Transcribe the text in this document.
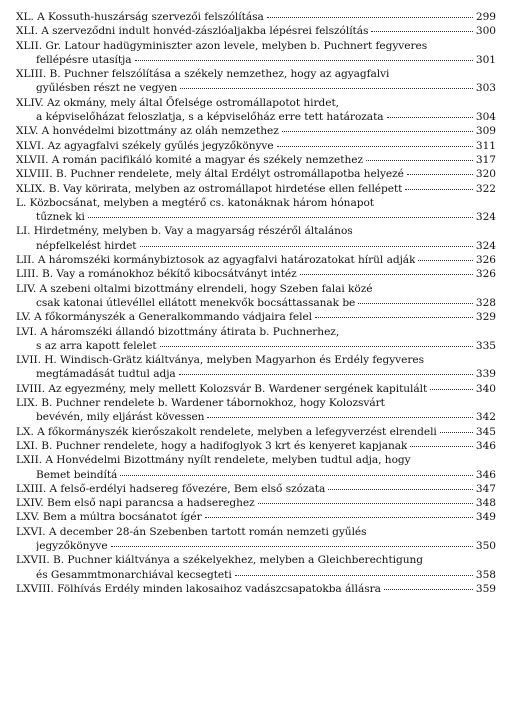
XL. A Kossuth-huszárság szervezői felszólítása	299
XLI. A szerveződni indult honvéd-zászlóaljakba lépésrei felszólítás	300
XLII. Gr. Latour hadügyminiszter azon levele, melyben b. Puchnert fegyveres
fellépésre utasítja	301
XLIII. B. Puchner felszólítása a székely nemzethez, hogy az agyagfalvi
gyűlésben részt ne vegyen	303
XLIV. Az okmány, mely által Őfelsége ostromállapotot hirdet,
a képviselőházat feloszlatja, s a képviselőház erre tett határozata	304
XLV. A honvédelmi bizottmány az oláh nemzethez	309
XLVI. Az agyagfalvi székely gyűlés jegyzőkönyve	311
XLVII. A román pacifikáló komité a magyar és székely nemzethez	317
XLVIII. B. Puchner rendelete, mely által Erdélyt ostromállapotba helyezé	320
XLIX. B. Vay körirata, melyben az ostromállapot hirdetése ellen fellépett	322
L. Közbocsánat, melyben a megtérő cs. katonáknak három hónapot
tűznek ki	324
LI. Hirdetmény, melyben b. Vay a magyarság részéről általános
népfelkelést hirdet	324
LII. A háromszéki kormánybiztosok az agyagfalvi határozatokat hírül adják	326
LIII. B. Vay a románokhoz békítő kibocsátványt intéz	326
LIV. A szebeni oltalmi bizottmány elrendeli, hogy Szeben falai közé
csak katonai útlevéllel ellátott menekvők bocsáttassanak be	328
LV. A főkormányszék a Generalkommando vádjaira felel	329
LVI. A háromszéki állandó bizottmány átirata b. Puchnerhez,
s az arra kapott felelet	335
LVII. H. Windisch-Grätz kiáltványa, melyben Magyarhon és Erdély fegyveres
megtámadását tudtul adja	339
LVIII. Az egyezmény, mely mellett Kolozsvár B. Wardener sergének kapitulált	340
LIX. B. Puchner rendelete b. Wardener tábornokhoz, hogy Kolozsvárt
bevévén, mily eljárást kövessen	342
LX. A főkormányszék kierőszakolt rendelete, melyben a lefegyverzést elrendeli	345
LXI. B. Puchner rendelete, hogy a hadifoglyok 3 krt és kenyeret kapjanak	346
LXII. A Honvédelmi Bizottmány nyílt rendelete, melyben tudtul adja, hogy
Bemet beindítá	346
LXIII. A felső-erdélyi hadsereg fővezére, Bem első szózata	347
LXIV. Bem első napi parancsa a hadsereghez	348
LXV. Bem a múltra bocsánatot ígér	349
LXVI. A december 28-án Szebenben tartott román nemzeti gyűlés
jegyzőkönyve	350
LXVII. B. Puchner kiáltványa a székelyekhez, melyben a Gleichberechtigung
és Gesammtmonarchiával kecsegteti	358
LXVIII. Fölhívás Erdély minden lakosaihoz vadászcsapatokba állásra	359
